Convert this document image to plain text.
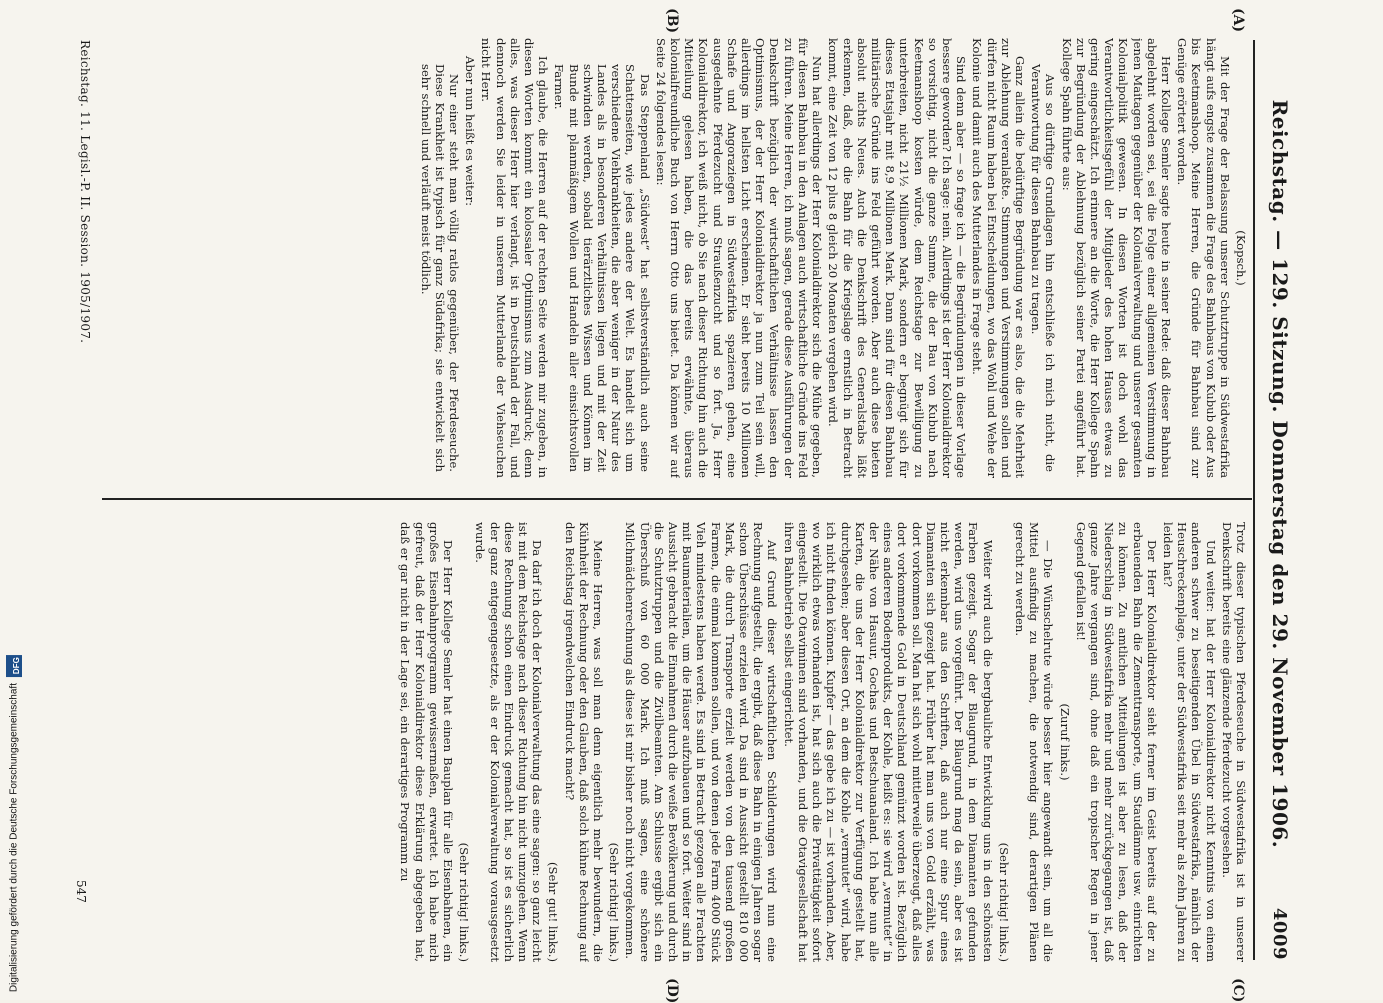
Reichstag. — 129. Sitzung. Donnerstag den 29. November 1906.
4009
(A)
(B)
(C)
(D)

(Kopsch.)

Mit der Frage der Belassung unserer Schutztruppe in Südwestafrika hängt aufs engste zusammen die Frage des Bahnbaus von Kubub oder Aus bis Keetmanshoop. Meine Herren, die Gründe für Bahnbau sind zur Genüge erörtert worden.

Herr Kollege Semler sagte heute in seiner Rede: daß dieser Bahnbau abgelehnt worden sei, sei die Folge einer allgemeinen Verstimmung in jenen Maitagen gegenüber der Kolonialverwaltung und unserer gesamten Kolonialpolitik gewesen. In diesen Worten ist doch wohl das Verantwortlichkeitsgefühl der Mitglieder des hohen Hauses etwas zu gering eingeschätzt. Ich erinnere an die Worte, die Herr Kollege Spahn zur Begründung der Ablehnung bezüglich seiner Partei angeführt hat. Kollege Spahn führte aus:

Aus so dürftige Grundlagen hin entschließe ich mich nicht, die Verantwortung für diesen Bahnbau zu tragen.

Ganz allein die bedürftige Begründung war es also, die die Mehrheit zur Ablehnung veranlaßte. Stimmungen und Verstimmungen sollen und dürfen nicht Raum haben bei Entscheidungen, wo das Wohl und Wehe der Kolonie und damit auch des Mutterlandes in Frage steht.

Sind denn aber — so frage ich — die Begründungen in dieser Vorlage bessere geworden? Ich sage: nein. Allerdings ist der Herr Kolonialdirektor so vorsichtig, nicht die ganze Summe, die der Bau von Kubub nach Keetmanshoop kosten würde, dem Reichstage zur Bewilligung zu unterbreiten, nicht 21½ Millionen Mark, sondern er begnügt sich für dieses Etatsjahr mit 8,9 Millionen Mark. Dann sind für diesen Bahnbau militärische Gründe ins Feld geführt worden. Aber auch diese bieten absolut nichts Neues. Auch die Denkschrift des Generalstabs läßt erkennen, daß, ehe die Bahn für die Kriegslage ernstlich in Betracht kommt, eine Zeit von 12 plus 8 gleich 20 Monaten vergehen wird.

Nun hat allerdings der Herr Kolonialdirektor sich die Mühe gegeben, für diesen Bahnbau in den Anlagen auch wirtschaftliche Gründe ins Feld zu führen. Meine Herren, ich muß sagen, gerade diese Ausführungen der Denkschrift bezüglich der wirtschaftlichen Verhältnisse lassen den Optimismus, der der Herr Kolonialdirektor ja nun zum Teil sein will, allerdings im hellsten Licht erscheinen. Er sieht bereits 10 Millionen Schafe und Angoraziegen in Südwestafrika spazieren gehen, eine ausgedehnte Pferdezucht und Straußenzucht und so fort. Ja, Herr Kolonialdirektor, ich weiß nicht, ob Sie nach dieser Richtung hin auch die Mitteilung gelesen haben, die das bereits erwähnte, überaus kolonialfreundliche Buch von Herrn Otto uns bietet. Da können wir auf Seite 24 folgendes lesen:

Das Steppenland „Südwest“ hat selbstverständlich auch seine Schattenseiten, wie jedes andere der Welt. Es handelt sich um verschiedene Viehkrankheiten, die aber weniger in der Natur des Landes als in besonderen Verhältnissen liegen und mit der Zeit schwinden werden, sobald tierärztliches Wissen und Können im Bunde mit planmäßigem Wollen und Handeln aller einsichtsvollen Farmer.

Ich glaube, die Herren auf der rechten Seite werden mir zugeben, in diesen Worten kommt ein kolossaler Optimismus zum Ausdruck; denn alles, was dieser Herr hier verlangt, ist in Deutschland der Fall, und dennoch werden Sie leider in unserem Mutterlande der Viehseuchen nicht Herr.

Aber nun heißt es weiter:

Nur einer steht man völlig ratlos gegenüber, der Pferdeseuche. Diese Krankheit ist typisch für ganz Südafrika; sie entwickelt sich sehr schnell und verläuft meist tödlich.

Trotz dieser typischen Pferdeseuche in Südwestafrika ist in unserer Denkschrift bereits eine glänzende Pferdezucht vorgesehen.

Und weiter: hat der Herr Kolonialdirektor nicht Kenntnis von einem anderen schwer zu beseitigenden Übel in Südwestafrika, nämlich der Heuschreckenplage, unter der Südwestafrika seit mehr als zehn Jahren zu leiden hat?

Der Herr Kolonialdirektor sieht ferner im Geist bereits auf der zu erbauenden Bahn die Zementtransporte, um Staudämme usw. einrichten zu können. Zu amtlichen Mitteilungen ist aber zu lesen, daß der Niederschlag in Südwestafrika mehr und mehr zurückgegangen ist, daß ganze Jahre vergangen sind, ohne daß ein tropischer Regen in jener Gegend gefallen ist!

(Zuruf links.)

— Die Wünschelrute würde besser hier angewandt sein, um all die Mittel ausfindig zu machen, die notwendig sind, derartigen Plänen gerecht zu werden.

(Sehr richtig! links.)

Weiter wird auch die bergbauliche Entwicklung uns in den schönsten Farben gezeigt. Sogar der Blaugrund, in dem Diamanten gefunden werden, wird uns vorgeführt. Der Blaugrund mag da sein, aber es ist nicht erkennbar aus den Schriften, daß auch nur eine Spur eines Diamanten sich gezeigt hat. Früher hat man uns von Gold erzählt, was dort vorkommen soll. Man hat sich wohl mittlerweile überzeugt, daß alles dort vorkommende Gold in Deutschland gemünzt worden ist. Bezüglich eines anderen Bodenprodukts, der Kohle, heißt es: sie wird „vermutet“ in der Nähe von Hasuur, Gochas und Betschuanaland. Ich habe nun alle Karten, die uns der Herr Kolonialdirektor zur Verfügung gestellt hat, durchgesehen; aber diesen Ort, an dem die Kohle „vermutet“ wird, habe ich nicht finden können. Kupfer — das gebe ich zu — ist vorhanden. Aber, wo wirklich etwas vorhanden ist, hat sich auch die Privattätigkeit sofort eingestellt. Die Otaviminen sind vorhanden, und die Otavigesellschaft hat ihren Bahnbetrieb selbst eingerichtet.

Auf Grund dieser wirtschaftlichen Schilderungen wird nun eine Rechnung aufgestellt, die ergibt, daß diese Bahn in einigen Jahren sogar schon Überschüsse erzielen wird. Da sind in Aussicht gestellt 810 000 Mark, die durch Transporte erzielt werden von den tausend großen Farmen, die einmal kommen sollen, und von denen jede Farm 4000 Stück Vieh mindestens haben werde. Es sind in Betracht gezogen alle Frachten mit Baumaterialien, um die Häuser aufzubauen und so fort. Weiter sind in Aussicht gebracht die Einnahmen durch die weiße Bevölkerung und durch die Schutztruppen und die Zivilbeamten. Am Schlusse ergibt sich ein Überschuß von 60 000 Mark. Ich muß sagen, eine schönere Milchmädchenrechnung als diese ist mir bisher noch nicht vorgekommen.

(Sehr richtig! links.)

Meine Herren, was soll man denn eigentlich mehr bewundern, die Kühnheit der Rechnung oder den Glauben, daß solch kühne Rechnung auf den Reichstag irgendwelchen Eindruck macht?

(Sehr gut! links.)

Da darf ich doch der Kolonialverwaltung das eine sagen: so ganz leicht ist mit dem Reichstage nach dieser Richtung hin nicht umzugehen. Wenn diese Rechnung schon einen Eindruck gemacht hat, so ist es sicherlich der ganz entgegengesetzte, als er der Kolonialverwaltung vorausgesetzt wurde.

(Sehr richtig! links.)

Der Herr Kollege Semler hat einen Bauplan für alle Eisenbahnen, ein großes Eisenbahnprogramm gewissermaßen, erwartet. Ich habe mich gefreut, daß der Herr Kolonialdirektor diese Erklärung abgegeben hat, daß er gar nicht in der Lage sei, ein derartiges Programm zu

Reichstag. 11. Legisl.-P. II. Session. 1905/1907.
547
Digitalisierung gefördert durch die Deutsche Forschungsgemeinschaft
DFG
